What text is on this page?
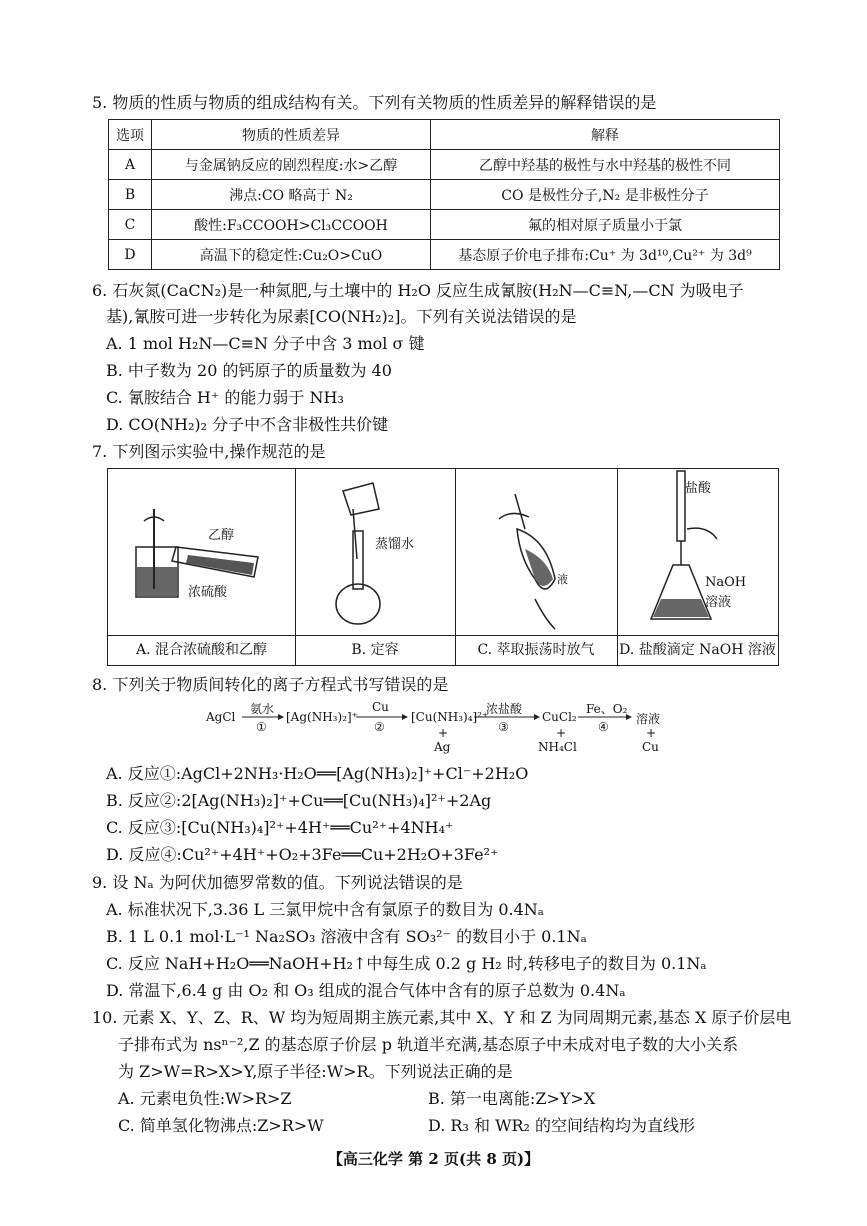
5. 物质的性质与物质的组成结构有关。下列有关物质的性质差异的解释错误的是
选项	物质的性质差异	解释
A	与金属钠反应的剧烈程度:水>乙醇	乙醇中羟基的极性与水中羟基的极性不同
B	沸点:CO 略高于 N₂	CO 是极性分子,N₂ 是非极性分子
C	酸性:F₃CCOOH>Cl₃CCOOH	氟的相对原子质量小于氯
D	高温下的稳定性:Cu₂O>CuO	基态原子价电子排布:Cu⁺ 为 3d¹⁰,Cu²⁺ 为 3d⁹
6. 石灰氮(CaCN₂)是一种氮肥,与土壤中的 H₂O 反应生成氰胺(H₂N—C≡N,—CN 为吸电子
基),氰胺可进一步转化为尿素[CO(NH₂)₂]。下列有关说法错误的是
A. 1 mol H₂N—C≡N 分子中含 3 mol σ 键
B. 中子数为 20 的钙原子的质量数为 40
C. 氰胺结合 H⁺ 的能力弱于 NH₃
D. CO(NH₂)₂ 分子中不含非极性共价键
7. 下列图示实验中,操作规范的是
乙醇
浓硫酸
A. 混合浓硫酸和乙醇
蒸馏水
B. 定容
液
C. 萃取振荡时放气
盐酸
NaOH
溶液
D. 盐酸滴定 NaOH 溶液
8. 下列关于物质间转化的离子方程式书写错误的是
AgCl
氨水
①
[Ag(NH₃)₂]⁺
Cu
②
[Cu(NH₃)₄]²⁺
+
Ag
浓盐酸
③
CuCl₂
+
NH₄Cl
Fe、O₂
④
溶液
+
Cu
A. 反应①:AgCl+2NH₃·H₂O══[Ag(NH₃)₂]⁺+Cl⁻+2H₂O
B. 反应②:2[Ag(NH₃)₂]⁺+Cu══[Cu(NH₃)₄]²⁺+2Ag
C. 反应③:[Cu(NH₃)₄]²⁺+4H⁺══Cu²⁺+4NH₄⁺
D. 反应④:Cu²⁺+4H⁺+O₂+3Fe══Cu+2H₂O+3Fe²⁺
9. 设 Nₐ 为阿伏加德罗常数的值。下列说法错误的是
A. 标准状况下,3.36 L 三氯甲烷中含有氯原子的数目为 0.4Nₐ
B. 1 L 0.1 mol·L⁻¹ Na₂SO₃ 溶液中含有 SO₃²⁻ 的数目小于 0.1Nₐ
C. 反应 NaH+H₂O══NaOH+H₂↑中每生成 0.2 g H₂ 时,转移电子的数目为 0.1Nₐ
D. 常温下,6.4 g 由 O₂ 和 O₃ 组成的混合气体中含有的原子总数为 0.4Nₐ
10. 元素 X、Y、Z、R、W 均为短周期主族元素,其中 X、Y 和 Z 为同周期元素,基态 X 原子价层电
子排布式为 nsⁿ⁻²,Z 的基态原子价层 p 轨道半充满,基态原子中未成对电子数的大小关系
为 Z>W=R>X>Y,原子半径:W>R。下列说法正确的是
A. 元素电负性:W>R>Z	B. 第一电离能:Z>Y>X
C. 简单氢化物沸点:Z>R>W	D. R₃ 和 WR₂ 的空间结构均为直线形
【高三化学 第 2 页(共 8 页)】
